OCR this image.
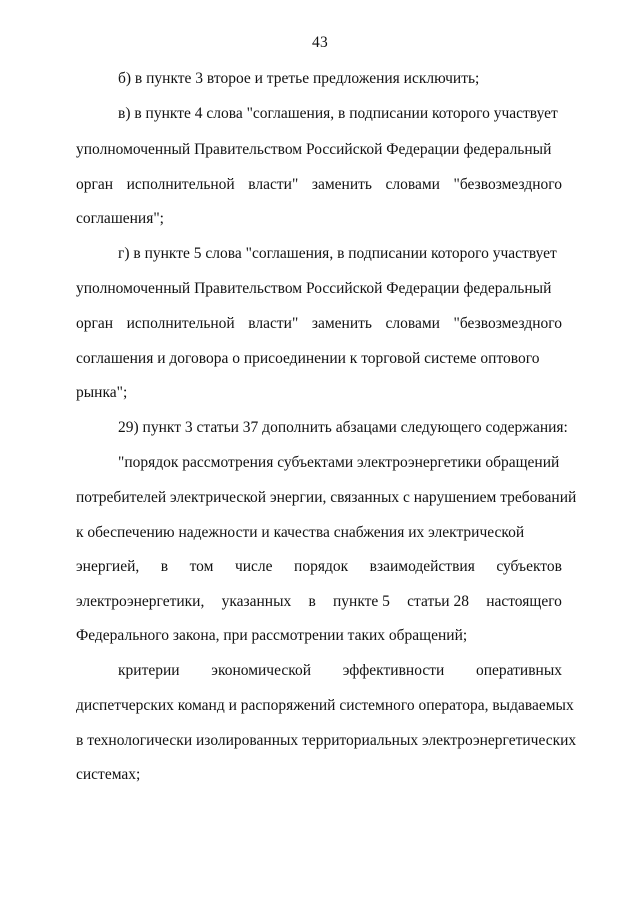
43
б) в пункте 3 второе и третье предложения исключить;
в) в пункте 4 слова "соглашения, в подписании которого участвует
уполномоченный Правительством Российской Федерации федеральный
орган исполнительной власти" заменить словами "безвозмездного
соглашения";
г) в пункте 5 слова "соглашения, в подписании которого участвует
уполномоченный Правительством Российской Федерации федеральный
орган исполнительной власти" заменить словами "безвозмездного
соглашения и договора о присоединении к торговой системе оптового
рынка";
29) пункт 3 статьи 37 дополнить абзацами следующего содержания:
"порядок рассмотрения субъектами электроэнергетики обращений
потребителей электрической энергии, связанных с нарушением требований
к обеспечению надежности и качества снабжения их электрической
энергией, в том числе порядок взаимодействия субъектов
электроэнергетики, указанных в пункте 5 статьи 28 настоящего
Федерального закона, при рассмотрении таких обращений;
критерии экономической эффективности оперативных
диспетчерских команд и распоряжений системного оператора, выдаваемых
в технологически изолированных территориальных электроэнергетических
системах;
